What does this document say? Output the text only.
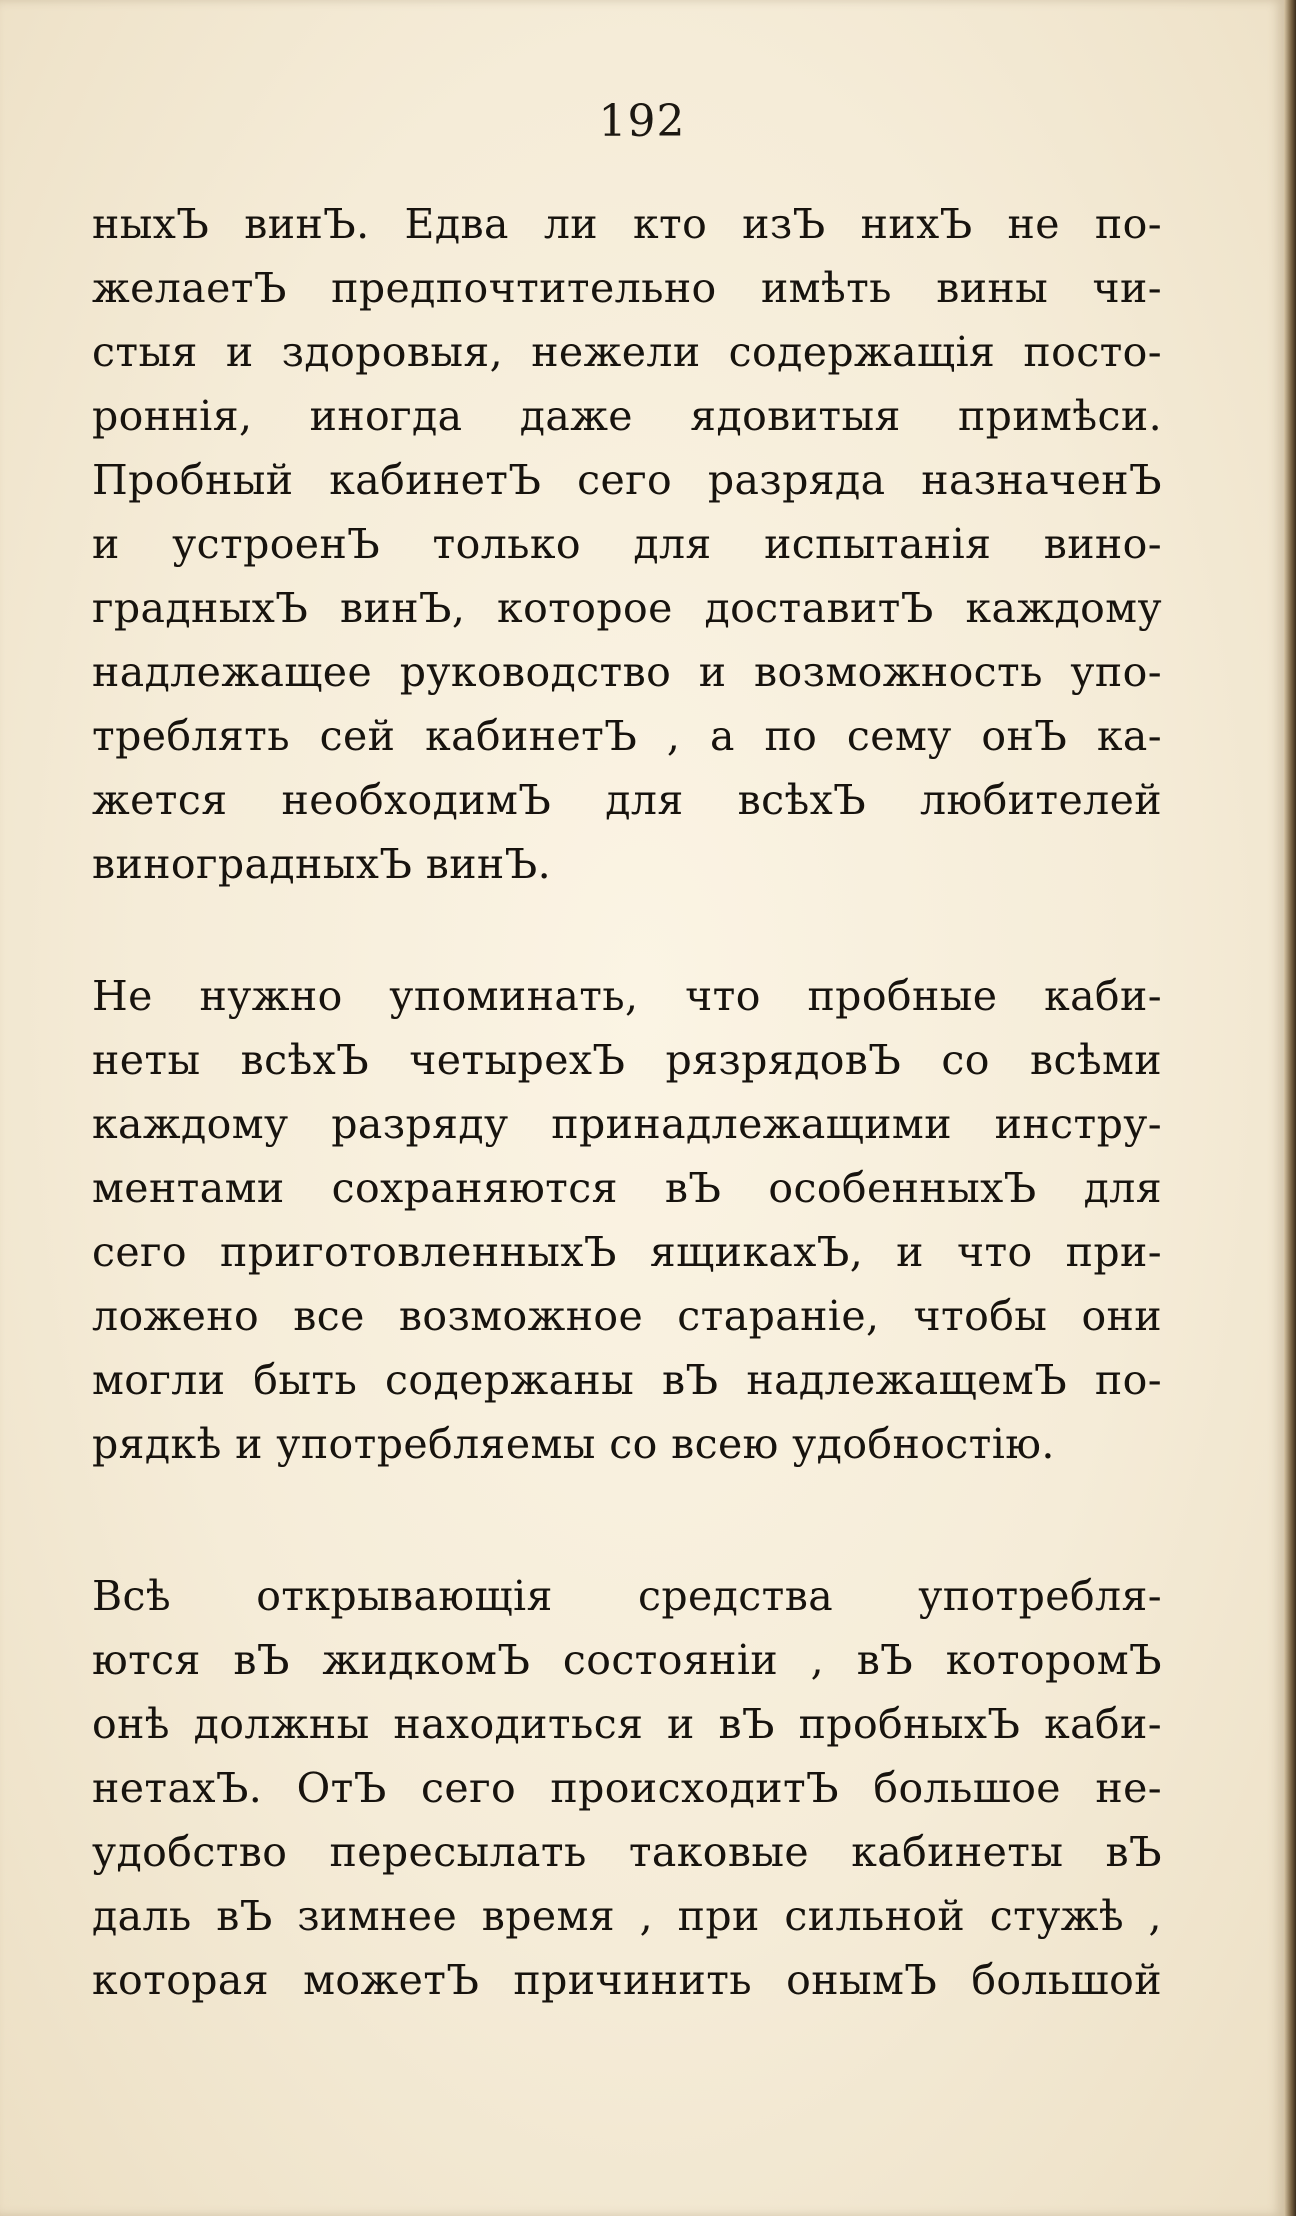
192
ныхЪ винЪ. Едва ли кто изЪ нихЪ не по-
желаетЪ предпочтительно имѣть вины чи-
стыя и здоровыя, нежели содержащія посто-
роннія, иногда даже ядовитыя примѣси.
Пробный кабинетЪ сего разряда назначенЪ
и устроенЪ только для испытанія вино-
градныхЪ винЪ, которое доставитЪ каждому
надлежащее руководство и возможность упо-
треблять сей кабинетЪ , а по сему онЪ ка-
жется необходимЪ для всѣхЪ любителей
виноградныхЪ винЪ.
Не нужно упоминать, что пробные каби-
неты всѣхЪ четырехЪ рязрядовЪ со всѣми
каждому разряду принадлежащими инстру-
ментами сохраняются вЪ особенныхЪ для
сего приготовленныхЪ ящикахЪ, и что при-
ложено все возможное стараніе, чтобы они
могли быть содержаны вЪ надлежащемЪ по-
рядкѣ и употребляемы со всею удобностію.
Всѣ открывающія средства употребля-
ются вЪ жидкомЪ состояніи , вЪ которомЪ
онѣ должны находиться и вЪ пробныхЪ каби-
нетахЪ. ОтЪ сего происходитЪ большое не-
удобство пересылать таковые кабинеты вЪ
даль вЪ зимнее время , при сильной стужѣ ,
которая можетЪ причинить онымЪ большой
